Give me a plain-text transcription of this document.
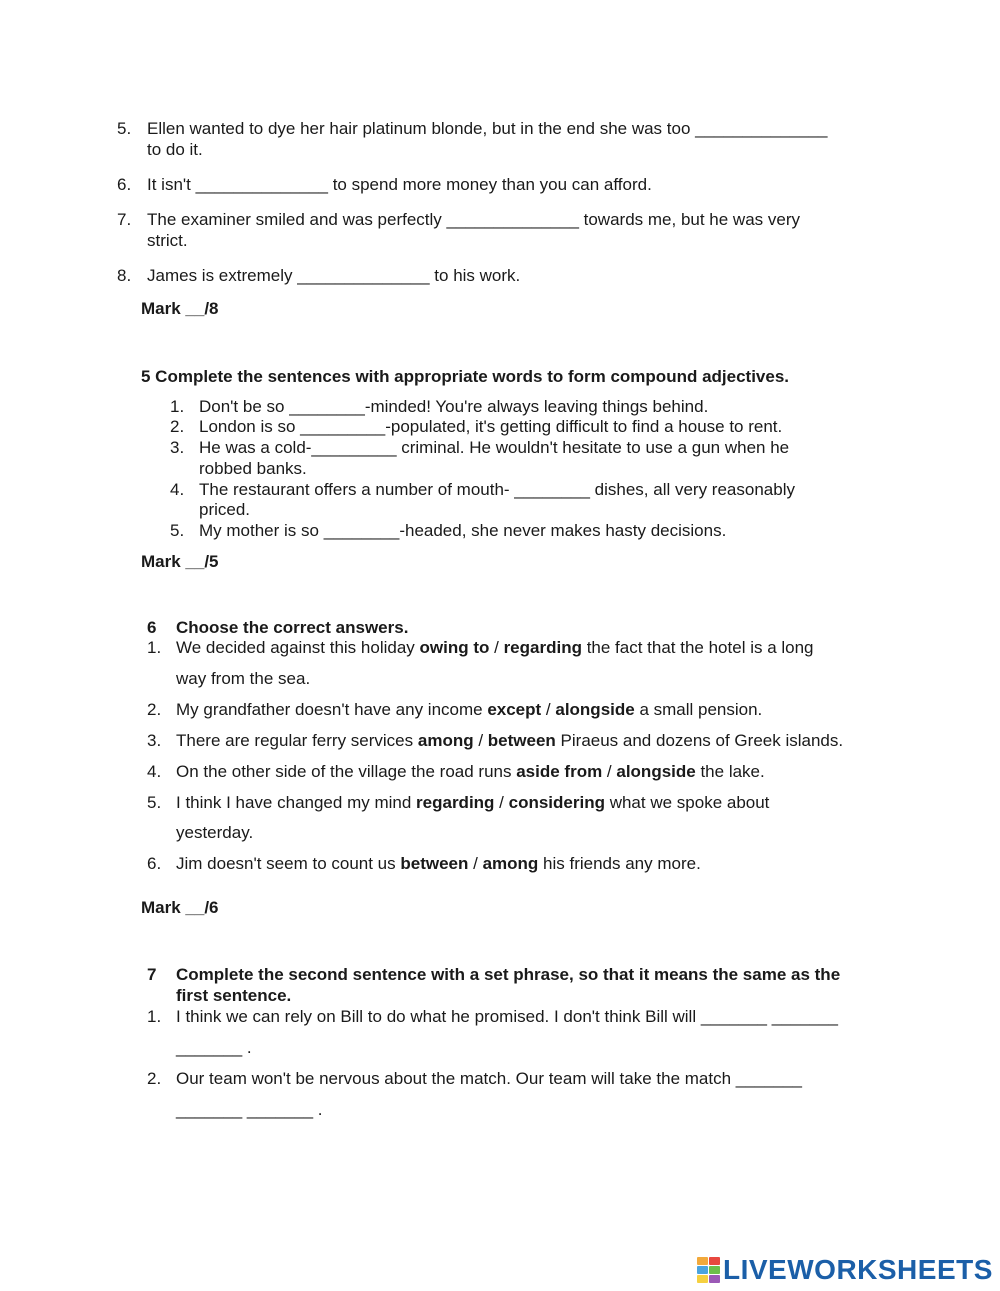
5. Ellen wanted to dye her hair platinum blonde, but in the end she was too ______________
to do it.
6. It isn't ______________ to spend more money than you can afford.
7. The examiner smiled and was perfectly ______________ towards me, but he was very
strict.
8. James is extremely ______________ to his work.
Mark __/8
5 Complete the sentences with appropriate words to form compound adjectives.
1. Don't be so ________-minded! You're always leaving things behind.
2. London is so _________-populated, it's getting difficult to find a house to rent.
3. He was a cold-_________ criminal. He wouldn't hesitate to use a gun when he
robbed banks.
4. The restaurant offers a number of mouth- ________ dishes, all very reasonably
priced.
5. My mother is so ________-headed, she never makes hasty decisions.
Mark __/5
6 Choose the correct answers.
1. We decided against this holiday owing to / regarding the fact that the hotel is a long
way from the sea.
2. My grandfather doesn't have any income except / alongside a small pension.
3. There are regular ferry services among / between Piraeus and dozens of Greek islands.
4. On the other side of the village the road runs aside from / alongside the lake.
5. I think I have changed my mind regarding / considering what we spoke about
yesterday.
6. Jim doesn't seem to count us between / among his friends any more.
Mark __/6
7 Complete the second sentence with a set phrase, so that it means the same as the
first sentence.
1. I think we can rely on Bill to do what he promised. I don't think Bill will _______ _______
_______ .
2. Our team won't be nervous about the match. Our team will take the match _______
_______ _______ .
LIVEWORKSHEETS
